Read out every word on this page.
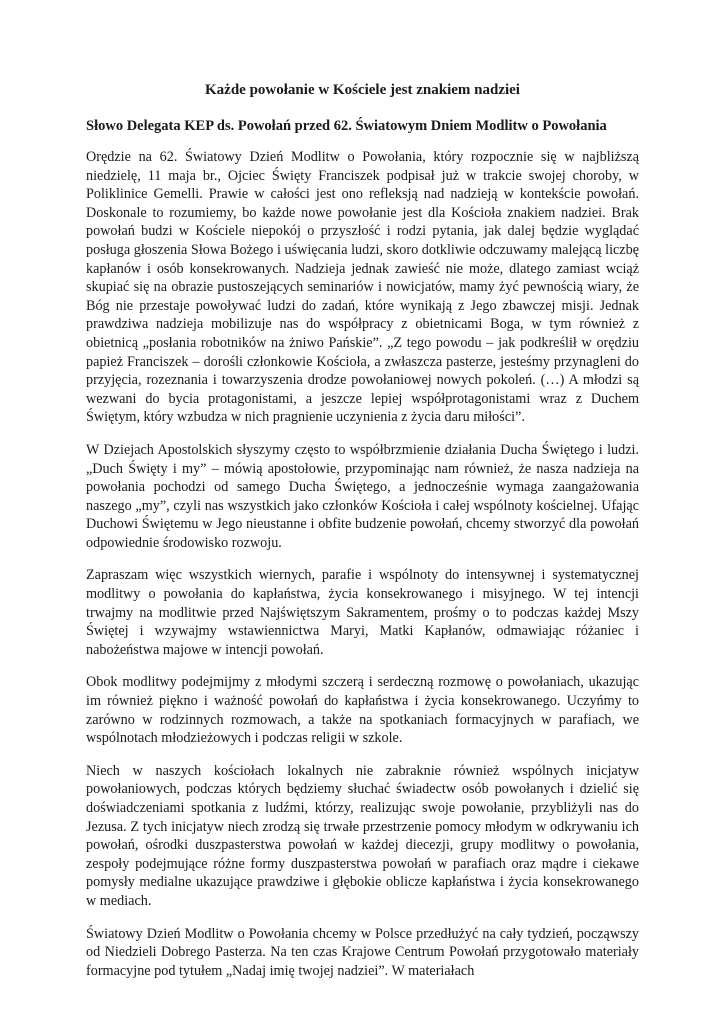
Każde powołanie w Kościele jest znakiem nadziei
Słowo Delegata KEP ds. Powołań przed 62. Światowym Dniem Modlitw o Powołania

Orędzie na 62. Światowy Dzień Modlitw o Powołania, który rozpocznie się w najbliższą niedzielę, 11 maja br., Ojciec Święty Franciszek podpisał już w trakcie swojej choroby, w Poliklinice Gemelli. Prawie w całości jest ono refleksją nad nadzieją w kontekście powołań. Doskonale to rozumiemy, bo każde nowe powołanie jest dla Kościoła znakiem nadziei. Brak powołań budzi w Kościele niepokój o przyszłość i rodzi pytania, jak dalej będzie wyglądać posługa głoszenia Słowa Bożego i uświęcania ludzi, skoro dotkliwie odczuwamy malejącą liczbę kapłanów i osób konsekrowanych. Nadzieja jednak zawieść nie może, dlatego zamiast wciąż skupiać się na obrazie pustoszejących seminariów i nowicjatów, mamy żyć pewnością wiary, że Bóg nie przestaje powoływać ludzi do zadań, które wynikają z Jego zbawczej misji. Jednak prawdziwa nadzieja mobilizuje nas do współpracy z obietnicami Boga, w tym również z obietnicą „posłania robotników na żniwo Pańskie”. „Z tego powodu – jak podkreślił w orędziu papież Franciszek – dorośli członkowie Kościoła, a zwłaszcza pasterze, jesteśmy przynagleni do przyjęcia, rozeznania i towarzyszenia drodze powołaniowej nowych pokoleń. (…) A młodzi są wezwani do bycia protagonistami, a jeszcze lepiej współprotagonistami wraz z Duchem Świętym, który wzbudza w nich pragnienie uczynienia z życia daru miłości”.

W Dziejach Apostolskich słyszymy często to współbrzmienie działania Ducha Świętego i ludzi. „Duch Święty i my” – mówią apostołowie, przypominając nam również, że nasza nadzieja na powołania pochodzi od samego Ducha Świętego, a jednocześnie wymaga zaangażowania naszego „my”, czyli nas wszystkich jako członków Kościoła i całej wspólnoty kościelnej. Ufając Duchowi Świętemu w Jego nieustanne i obfite budzenie powołań, chcemy stworzyć dla powołań odpowiednie środowisko rozwoju.

Zapraszam więc wszystkich wiernych, parafie i wspólnoty do intensywnej i systematycznej modlitwy o powołania do kapłaństwa, życia konsekrowanego i misyjnego. W tej intencji trwajmy na modlitwie przed Najświętszym Sakramentem, prośmy o to podczas każdej Mszy Świętej i wzywajmy wstawiennictwa Maryi, Matki Kapłanów, odmawiając różaniec i nabożeństwa majowe w intencji powołań.

Obok modlitwy podejmijmy z młodymi szczerą i serdeczną rozmowę o powołaniach, ukazując im również piękno i ważność powołań do kapłaństwa i życia konsekrowanego. Uczyńmy to zarówno w rodzinnych rozmowach, a także na spotkaniach formacyjnych w parafiach, we wspólnotach młodzieżowych i podczas religii w szkole.

Niech w naszych kościołach lokalnych nie zabraknie również wspólnych inicjatyw powołaniowych, podczas których będziemy słuchać świadectw osób powołanych i dzielić się doświadczeniami spotkania z ludźmi, którzy, realizując swoje powołanie, przybliżyli nas do Jezusa. Z tych inicjatyw niech zrodzą się trwałe przestrzenie pomocy młodym w odkrywaniu ich powołań, ośrodki duszpasterstwa powołań w każdej diecezji, grupy modlitwy o powołania, zespoły podejmujące różne formy duszpasterstwa powołań w parafiach oraz mądre i ciekawe pomysły medialne ukazujące prawdziwe i głębokie oblicze kapłaństwa i życia konsekrowanego w mediach.

Światowy Dzień Modlitw o Powołania chcemy w Polsce przedłużyć na cały tydzień, począwszy od Niedzieli Dobrego Pasterza. Na ten czas Krajowe Centrum Powołań przygotowało materiały formacyjne pod tytułem „Nadaj imię twojej nadziei”. W materiałach
